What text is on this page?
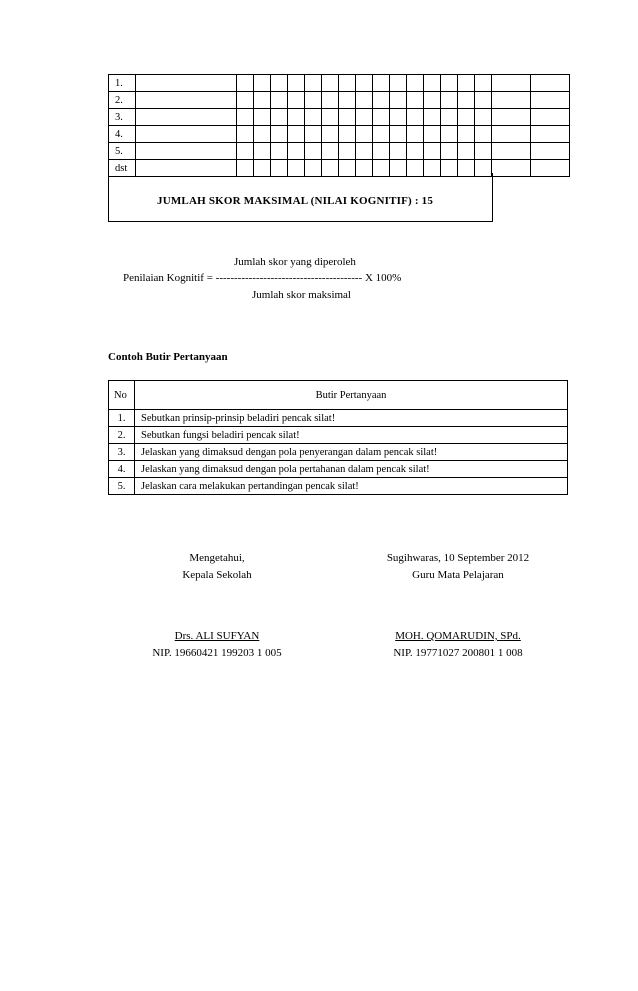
1.																		
2.																		
3.																		
4.																		
5.																		
dst																		
JUMLAH SKOR MAKSIMAL (NILAI KOGNITIF) : 15
Jumlah skor yang diperoleh
Penilaian Kognitif = ---------------------------------------- X 100%
Jumlah skor maksimal
Contoh Butir Pertanyaan
No	Butir Pertanyaan
1.	Sebutkan prinsip-prinsip beladiri pencak silat!
2.	Sebutkan fungsi beladiri pencak silat!
3.	Jelaskan yang dimaksud dengan pola penyerangan dalam pencak silat!
4.	Jelaskan yang dimaksud dengan pola pertahanan dalam pencak silat!
5.	Jelaskan cara melakukan pertandingan pencak silat!
Mengetahui,
Kepala Sekolah
Drs. ALI SUFYAN
NIP. 19660421 199203 1 005
Sugihwaras, 10 September 2012
Guru Mata Pelajaran
MOH. QOMARUDIN, SPd.
NIP. 19771027 200801 1 008
